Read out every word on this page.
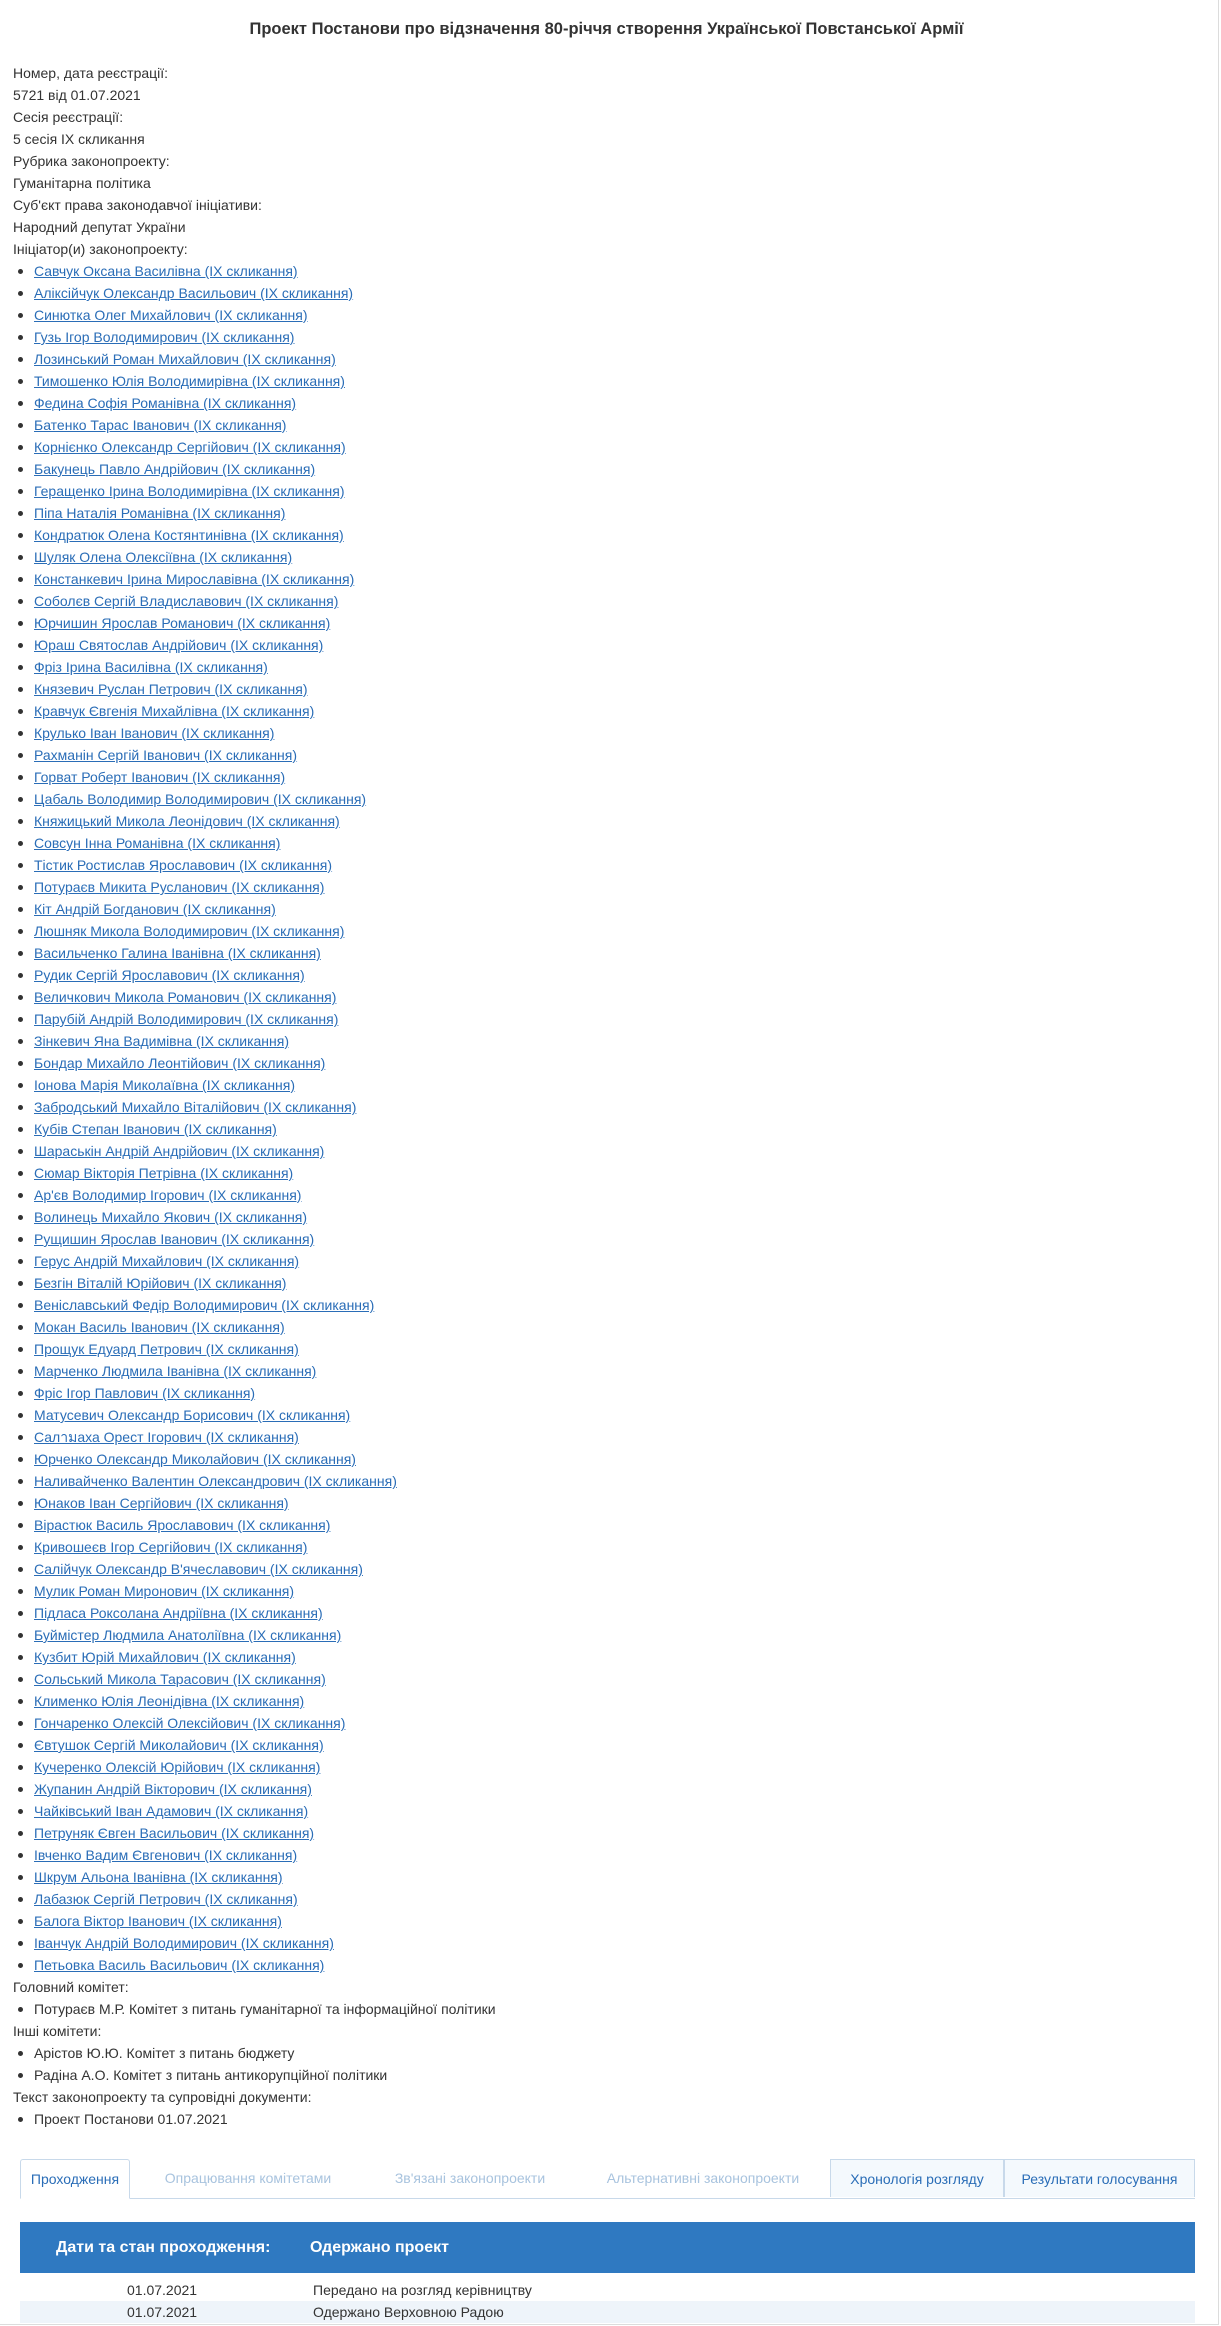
Проект Постанови про відзначення 80-річчя створення Української Повстанської Армії
Номер, дата реєстрації:
5721 від 01.07.2021
Сесія реєстрації:
5 сесія IX скликання
Рубрика законопроекту:
Гуманітарна політика
Суб'єкт права законодавчої ініціативи:
Народний депутат України
Ініціатор(и) законопроекту:
Савчук Оксана Василівна (IX скликання)
Аліксійчук Олександр Васильович (IX скликання)
Синютка Олег Михайлович (IX скликання)
Гузь Ігор Володимирович (IX скликання)
Лозинський Роман Михайлович (IX скликання)
Тимошенко Юлія Володимирівна (IX скликання)
Федина Софія Романівна (IX скликання)
Батенко Тарас Іванович (IX скликання)
Корнієнко Олександр Сергійович (IX скликання)
Бакунець Павло Андрійович (IX скликання)
Геращенко Ірина Володимирівна (IX скликання)
Піпа Наталія Романівна (IX скликання)
Кондратюк Олена Костянтинівна (IX скликання)
Шуляк Олена Олексіївна (IX скликання)
Констанкевич Ірина Мирославівна (IX скликання)
Соболєв Сергій Владиславович (IX скликання)
Юрчишин Ярослав Романович (IX скликання)
Юраш Святослав Андрійович (IX скликання)
Фріз Ірина Василівна (IX скликання)
Князевич Руслан Петрович (IX скликання)
Кравчук Євгенія Михайлівна (IX скликання)
Крулько Іван Іванович (IX скликання)
Рахманін Сергій Іванович (IX скликання)
Горват Роберт Іванович (IX скликання)
Цабаль Володимир Володимирович (IX скликання)
Княжицький Микола Леонідович (IX скликання)
Совсун Інна Романівна (IX скликання)
Тістик Ростислав Ярославович (IX скликання)
Потураєв Микита Русланович (IX скликання)
Кіт Андрій Богданович (IX скликання)
Люшняк Микола Володимирович (IX скликання)
Васильченко Галина Іванівна (IX скликання)
Рудик Сергій Ярославович (IX скликання)
Величкович Микола Романович (IX скликання)
Парубій Андрій Володимирович (IX скликання)
Зінкевич Яна Вадимівна (IX скликання)
Бондар Михайло Леонтійович (IX скликання)
Іонова Марія Миколаївна (IX скликання)
Забродський Михайло Віталійович (IX скликання)
Кубів Степан Іванович (IX скликання)
Шараськін Андрій Андрійович (IX скликання)
Сюмар Вікторія Петрівна (IX скликання)
Ар'єв Володимир Ігорович (IX скликання)
Волинець Михайло Якович (IX скликання)
Рущишин Ярослав Іванович (IX скликання)
Герус Андрій Михайлович (IX скликання)
Безгін Віталій Юрійович (IX скликання)
Веніславський Федір Володимирович (IX скликання)
Мокан Василь Іванович (IX скликання)
Прощук Едуард Петрович (IX скликання)
Марченко Людмила Іванівна (IX скликання)
Фріс Ігор Павлович (IX скликання)
Матусевич Олександр Борисович (IX скликання)
Салามаха Орест Ігорович (IX скликання)
Юрченко Олександр Миколайович (IX скликання)
Наливайченко Валентин Олександрович (IX скликання)
Юнаков Іван Сергійович (IX скликання)
Вірастюк Василь Ярославович (IX скликання)
Кривошеєв Ігор Сергійович (IX скликання)
Салійчук Олександр В'ячеславович (IX скликання)
Мулик Роман Миронович (IX скликання)
Підласа Роксолана Андріївна (IX скликання)
Буймістер Людмила Анатоліївна (IX скликання)
Кузбит Юрій Михайлович (IX скликання)
Сольський Микола Тарасович (IX скликання)
Клименко Юлія Леонідівна (IX скликання)
Гончаренко Олексій Олексійович (IX скликання)
Євтушок Сергій Миколайович (IX скликання)
Кучеренко Олексій Юрійович (IX скликання)
Жупанин Андрій Вікторович (IX скликання)
Чайківський Іван Адамович (IX скликання)
Петруняк Євген Васильович (IX скликання)
Івченко Вадим Євгенович (IX скликання)
Шкрум Альона Іванівна (IX скликання)
Лабазюк Сергій Петрович (IX скликання)
Балога Віктор Іванович (IX скликання)
Іванчук Андрій Володимирович (IX скликання)
Петьовка Василь Васильович (IX скликання)
Головний комітет:
Потураєв М.Р. Комітет з питань гуманітарної та інформаційної політики
Інші комітети:
Арістов Ю.Ю. Комітет з питань бюджету
Радіна А.О. Комітет з питань антикорупційної політики
Текст законопроекту та супровідні документи:
Проект Постанови 01.07.2021
Проходження	Опрацювання комітетами	Зв'язані законопроекти	Альтернативні законопроекти	Хронологія розгляду	Результати голосування
Дати та стан проходження: Одержано проект
01.07.2021	Передано на розгляд керівництву
01.07.2021	Одержано Верховною Радою
